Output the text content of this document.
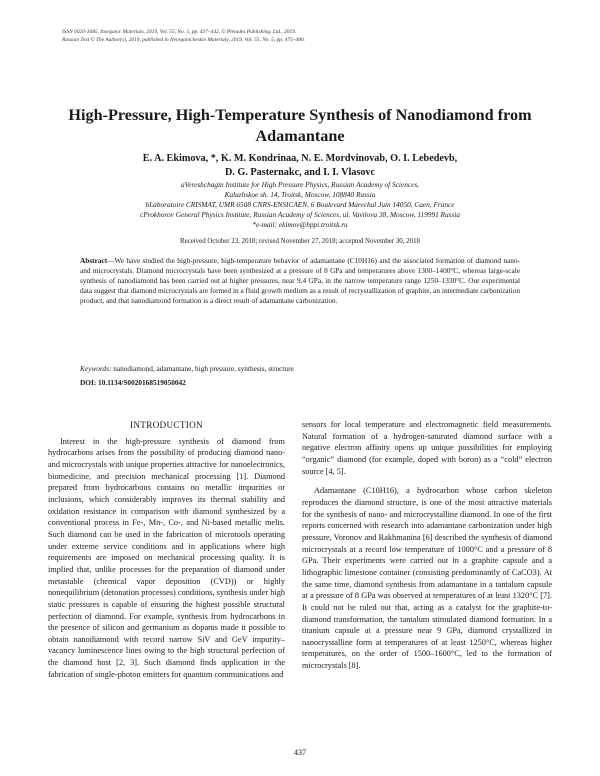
ISSN 0020-1685, Inorganic Materials, 2019, Vol. 55, No. 5, pp. 437–442. © Pleiades Publishing, Ltd., 2019.
Russian Text © The Author(s), 2019, published in Neorganicheskie Materialy, 2019, Vol. 55, No. 5, pp. 475–480.
High-Pressure, High-Temperature Synthesis of Nanodiamond from Adamantane
E. A. Ekimova, *, K. M. Kondrinaa, N. E. Mordvinovab, O. I. Lebedevb,
D. G. Pasternakc, and I. I. Vlasovc
aVereshchagin Institute for High Pressure Physics, Russian Academy of Sciences,
Kaluzhskoe sh. 14, Troitsk, Moscow, 108840 Russia
bLaboratoire CRISMAT, UMR 6508 CNRS-ENSICAEN, 6 Boulevard Marechal Juin 14050, Caen, France
cProkhorov General Physics Institute, Russian Academy of Sciences, ul. Vavilova 38, Moscow, 119991 Russia
*e-mail: ekimov@hppi.troitsk.ru
Received October 23, 2018; revised November 27, 2018; accepted November 30, 2018
Abstract—We have studied the high-pressure, high-temperature behavior of adamantane (C10H16) and the associated formation of diamond nano- and microcrystals. Diamond microcrystals have been synthesized at a pressure of 8 GPa and temperatures above 1300–1400°C, whereas large-scale synthesis of nanodiamond has been carried out at higher pressures, near 9.4 GPa, in the narrow temperature range 1250–1330°C. Our experimental data suggest that diamond microcrystals are formed in a fluid growth medium as a result of recrystallization of graphite, an intermediate carbonization product, and that nanodiamond formation is a direct result of adamantane carbonization.
Keywords: nanodiamond, adamantane, high pressure, synthesis, structure
DOI: 10.1134/S0020168519050042

INTRODUCTION

Interest in the high-pressure synthesis of diamond from hydrocarbons arises from the possibility of producing diamond nano- and microcrystals with unique properties attractive for nanoelectronics, biomedicine, and precision mechanical processing [1]. Diamond prepared from hydrocarbons contains no metallic impurities or inclusions, which considerably improves its thermal stability and oxidation resistance in comparison with diamond synthesized by a conventional process in Fe-, Mn-, Co-, and Ni-based metallic melts. Such diamond can be used in the fabrication of microtools operating under extreme service conditions and in applications where high requirements are imposed on mechanical processing quality. It is implied that, unlike processes for the preparation of diamond under metastable (chemical vapor deposition (CVD)) or highly nonequilibrium (detonation processes) conditions, synthesis under high static pressures is capable of ensuring the highest possible structural perfection of diamond. For example, synthesis from hydrocarbons in the presence of silicon and germanium as dopants made it possible to obtain nanodiamond with record narrow SiV and GeV impurity–vacancy luminescence lines owing to the high structural perfection of the diamond host [2, 3]. Such diamond finds application in the fabrication of single-photon emitters for quantum communications and

sensors for local temperature and electromagnetic field measurements. Natural formation of a hydrogen-saturated diamond surface with a negative electron affinity opens up unique possibilities for employing “organic” diamond (for example, doped with boron) as a “cold” electron source [4, 5].

Adamantane (C10H16), a hydrocarbon whose carbon skeleton reproduces the diamond structure, is one of the most attractive materials for the synthesis of nano- and microcrystalline diamond. In one of the first reports concerned with research into adamantane carbonization under high pressure, Voronov and Rakhmanina [6] described the synthesis of diamond microcrystals at a record low temperature of 1000°C and a pressure of 8 GPa. Their experiments were carried out in a graphite capsule and a lithographic limestone container (consisting predominantly of CaCO3). At the same time, diamond synthesis from adamantane in a tantalum capsule at a pressure of 8 GPa was observed at temperatures of at least 1320°C [7]. It could not be ruled out that, acting as a catalyst for the graphite-to-diamond transformation, the tantalum stimulated diamond formation. In a titanium capsule at a pressure near 9 GPa, diamond crystallized in nanocrystalline form at temperatures of at least 1250°C, whereas higher temperatures, on the order of 1500–1600°C, led to the formation of microcrystals [8].

437
